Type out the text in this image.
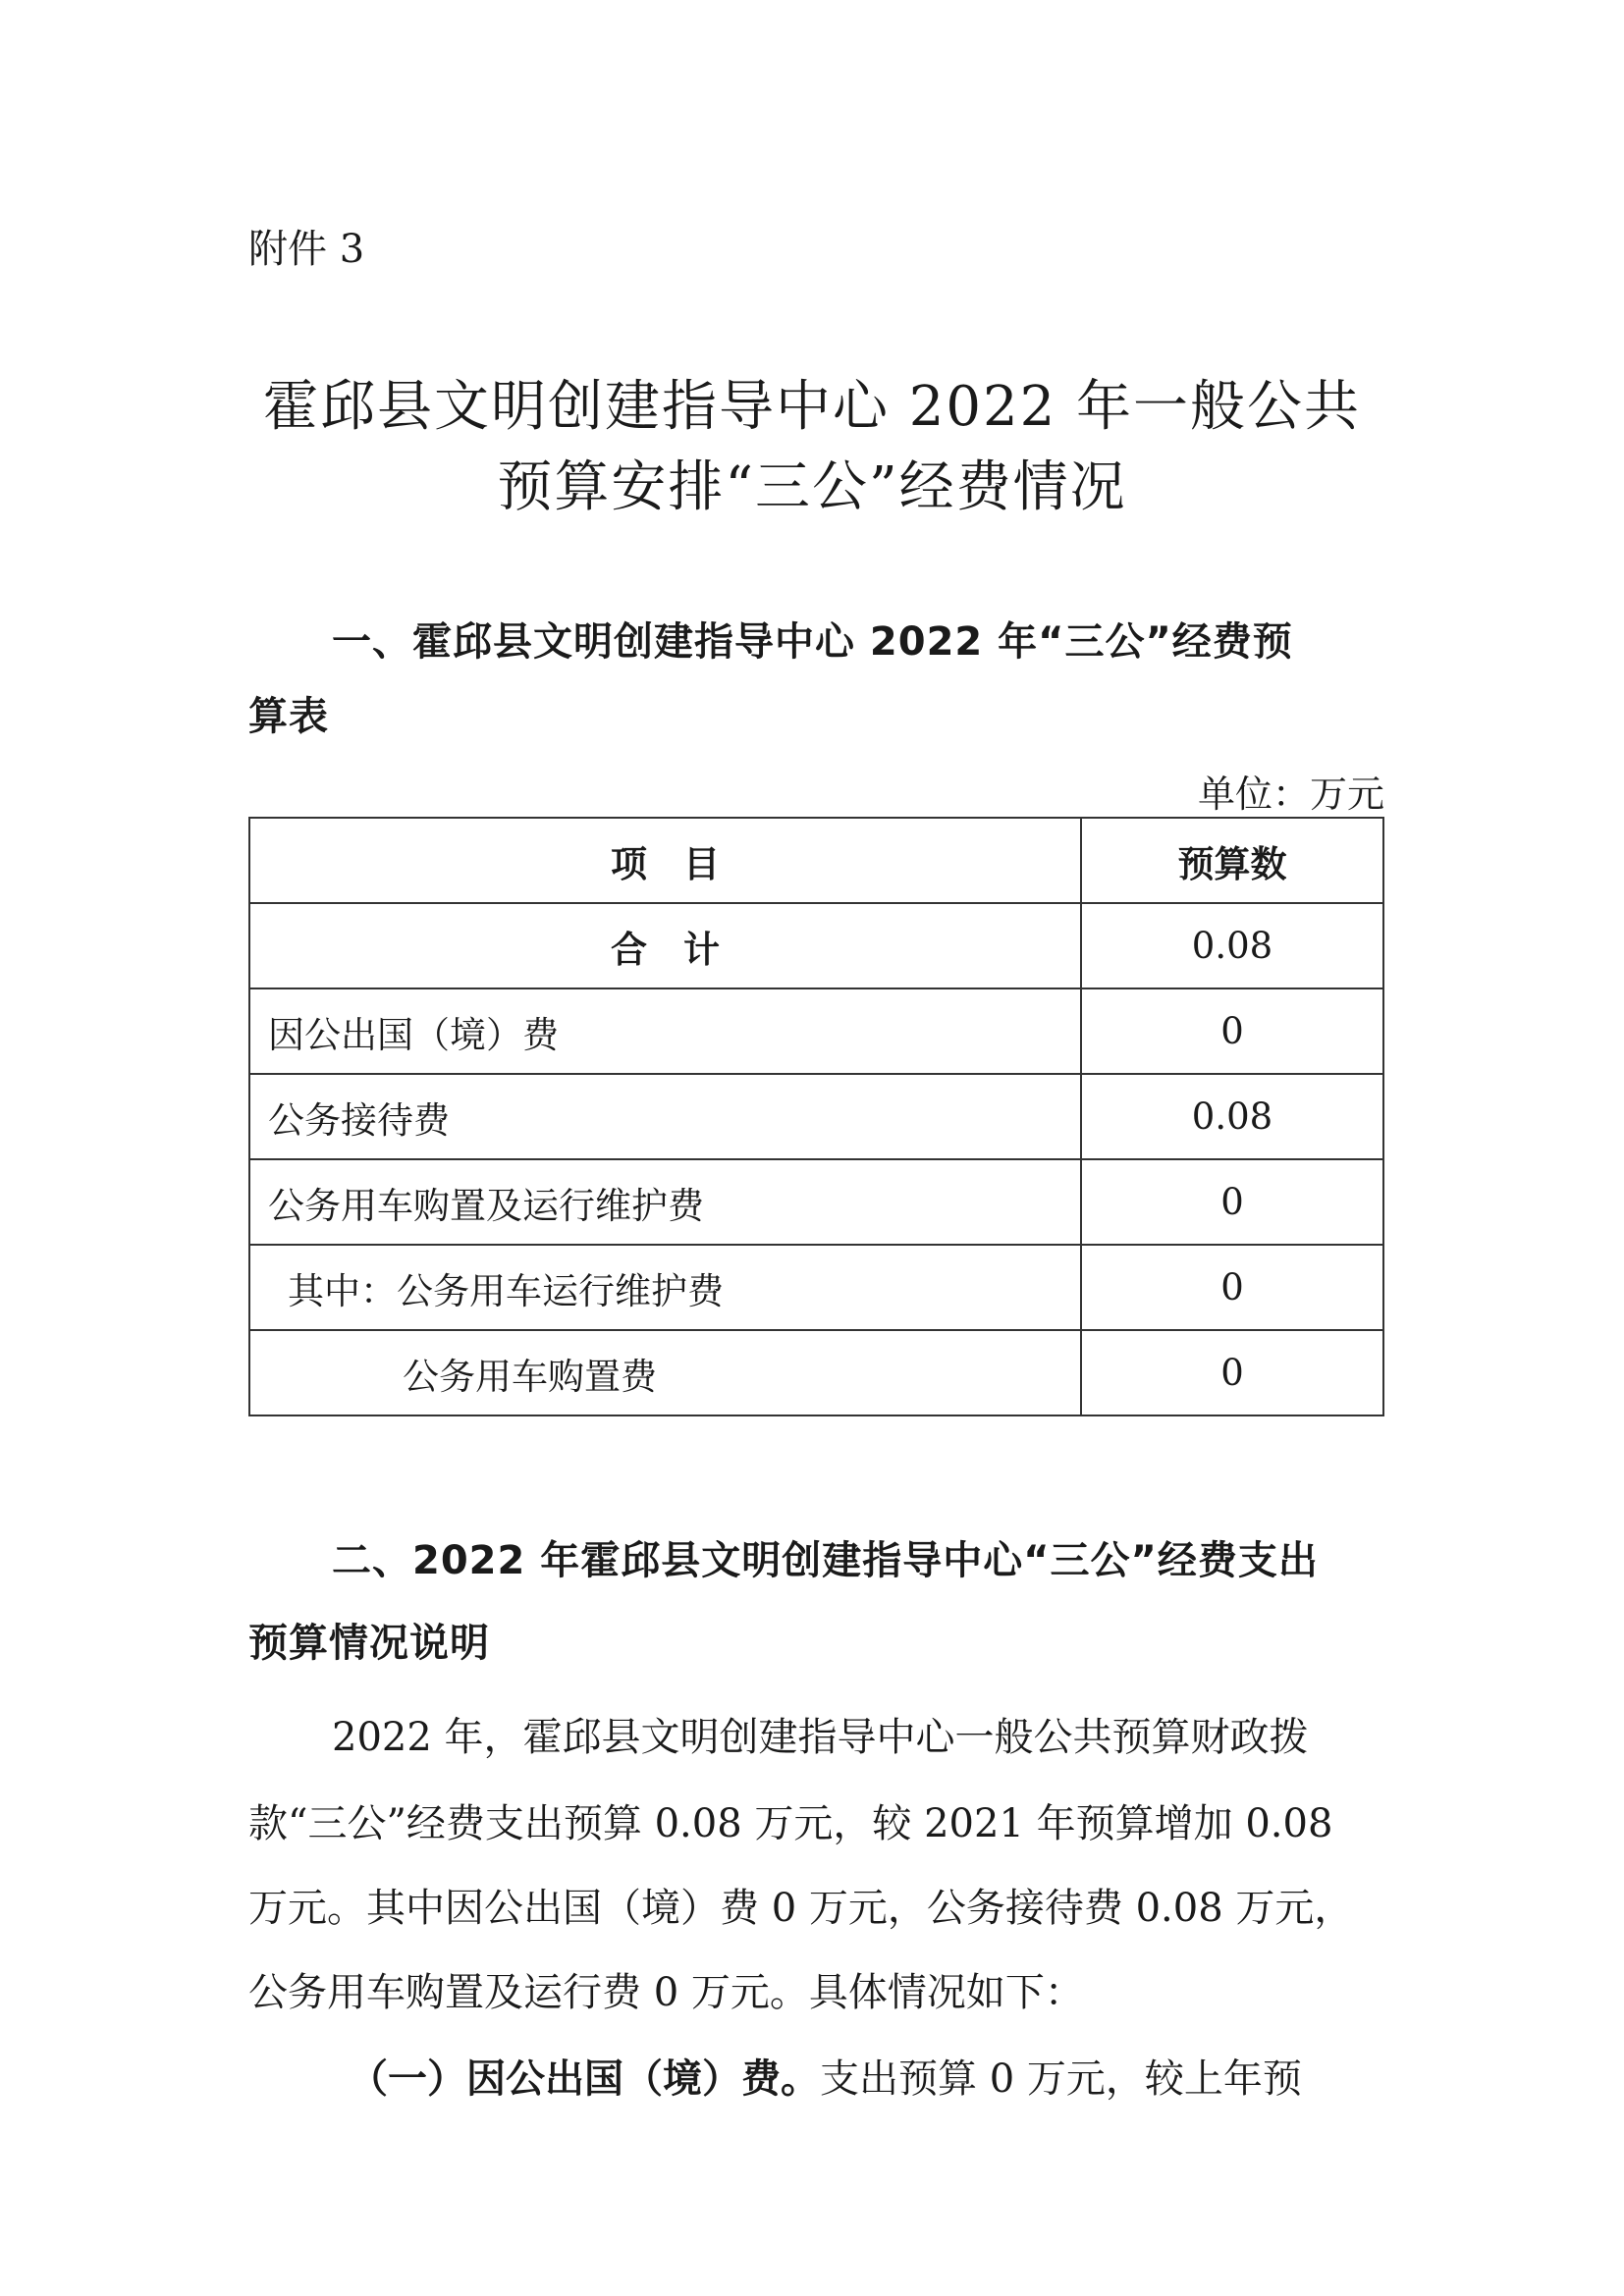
附件 3
霍邱县文明创建指导中心 2022 年一般公共
预算安排“三公”经费情况
一、霍邱县文明创建指导中心 2022 年“三公”经费预
算表
单位：万元
项　目	预算数
合　计	0.08
因公出国（境）费	0
公务接待费	0.08
公务用车购置及运行维护费	0
其中：公务用车运行维护费	0
公务用车购置费	0
二、2022 年霍邱县文明创建指导中心“三公”经费支出
预算情况说明
2022 年，霍邱县文明创建指导中心一般公共预算财政拨
款“三公”经费支出预算 0.08 万元，较 2021 年预算增加 0.08
万元。其中因公出国（境）费 0 万元，公务接待费 0.08 万元，
公务用车购置及运行费 0 万元。具体情况如下：
（一）因公出国（境）费。支出预算 0 万元，较上年预
